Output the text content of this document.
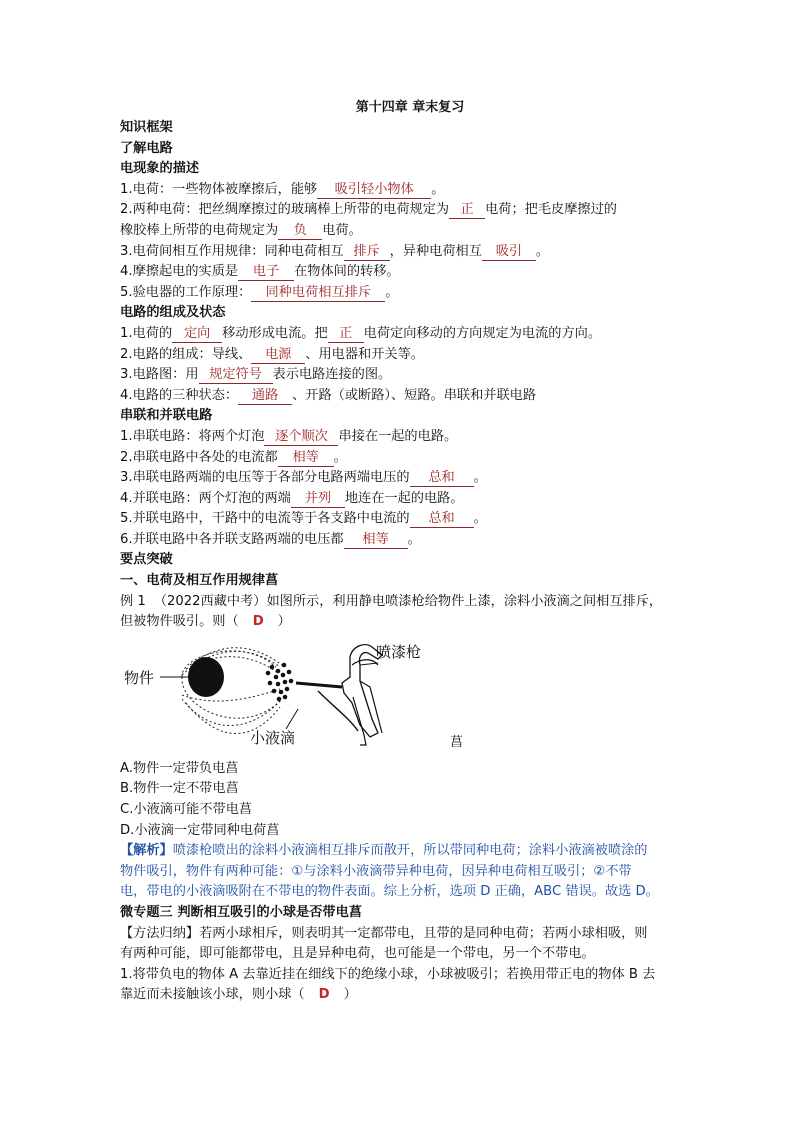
第十四章 章末复习
知识框架
了解电路
电现象的描述
1.电荷：一些物体被摩擦后，能够 吸引轻小物体 。
2.两种电荷：把丝绸摩擦过的玻璃棒上所带的电荷规定为 正 电荷；把毛皮摩擦过的
橡胶棒上所带的电荷规定为 负 电荷。
3.电荷间相互作用规律：同种电荷相互 排斥 ，异种电荷相互 吸引 。
4.摩擦起电的实质是 电子 在物体间的转移。
5.验电器的工作原理： 同种电荷相互排斥 。
电路的组成及状态
1.电荷的 定向 移动形成电流。把 正 电荷定向移动的方向规定为电流的方向。
2.电路的组成：导线、 电源 、用电器和开关等。
3.电路图：用 规定符号 表示电路连接的图。
4.电路的三种状态： 通路 、开路（或断路）、短路。串联和并联电路
串联和并联电路
1.串联电路：将两个灯泡 逐个顺次 串接在一起的电路。
2.串联电路中各处的电流都 相等 。
3.串联电路两端的电压等于各部分电路两端电压的 总和 。
4.并联电路：两个灯泡的两端 并列 地连在一起的电路。
5.并联电路中，干路中的电流等于各支路中电流的 总和 。
6.并联电路中各并联支路两端的电压都 相等 。
要点突破
一、电荷及相互作用规律菖
例 1 （2022西藏中考）如图所示，利用静电喷漆枪给物件上漆，涂料小液滴之间相互排斥，
但被物件吸引。则（ D ）
物件
喷漆枪
小液滴	菖
A.物件一定带负电菖
B.物件一定不带电菖
C.小液滴可能不带电菖
D.小液滴一定带同种电荷菖
【解析】喷漆枪喷出的涂料小液滴相互排斥而散开，所以带同种电荷；涂料小液滴被喷涂的
物件吸引，物件有两种可能：①与涂料小液滴带异种电荷，因异种电荷相互吸引；②不带
电，带电的小液滴吸附在不带电的物件表面。综上分析，选项 D 正确，ABC 错误。故选 D。
微专题三 判断相互吸引的小球是否带电菖
【方法归纳】若两小球相斥，则表明其一定都带电，且带的是同种电荷；若两小球相吸，则
有两种可能，即可能都带电，且是异种电荷，也可能是一个带电，另一个不带电。
1.将带负电的物体 A 去靠近挂在细线下的绝缘小球，小球被吸引；若换用带正电的物体 B 去
靠近而未接触该小球，则小球（ D ）
